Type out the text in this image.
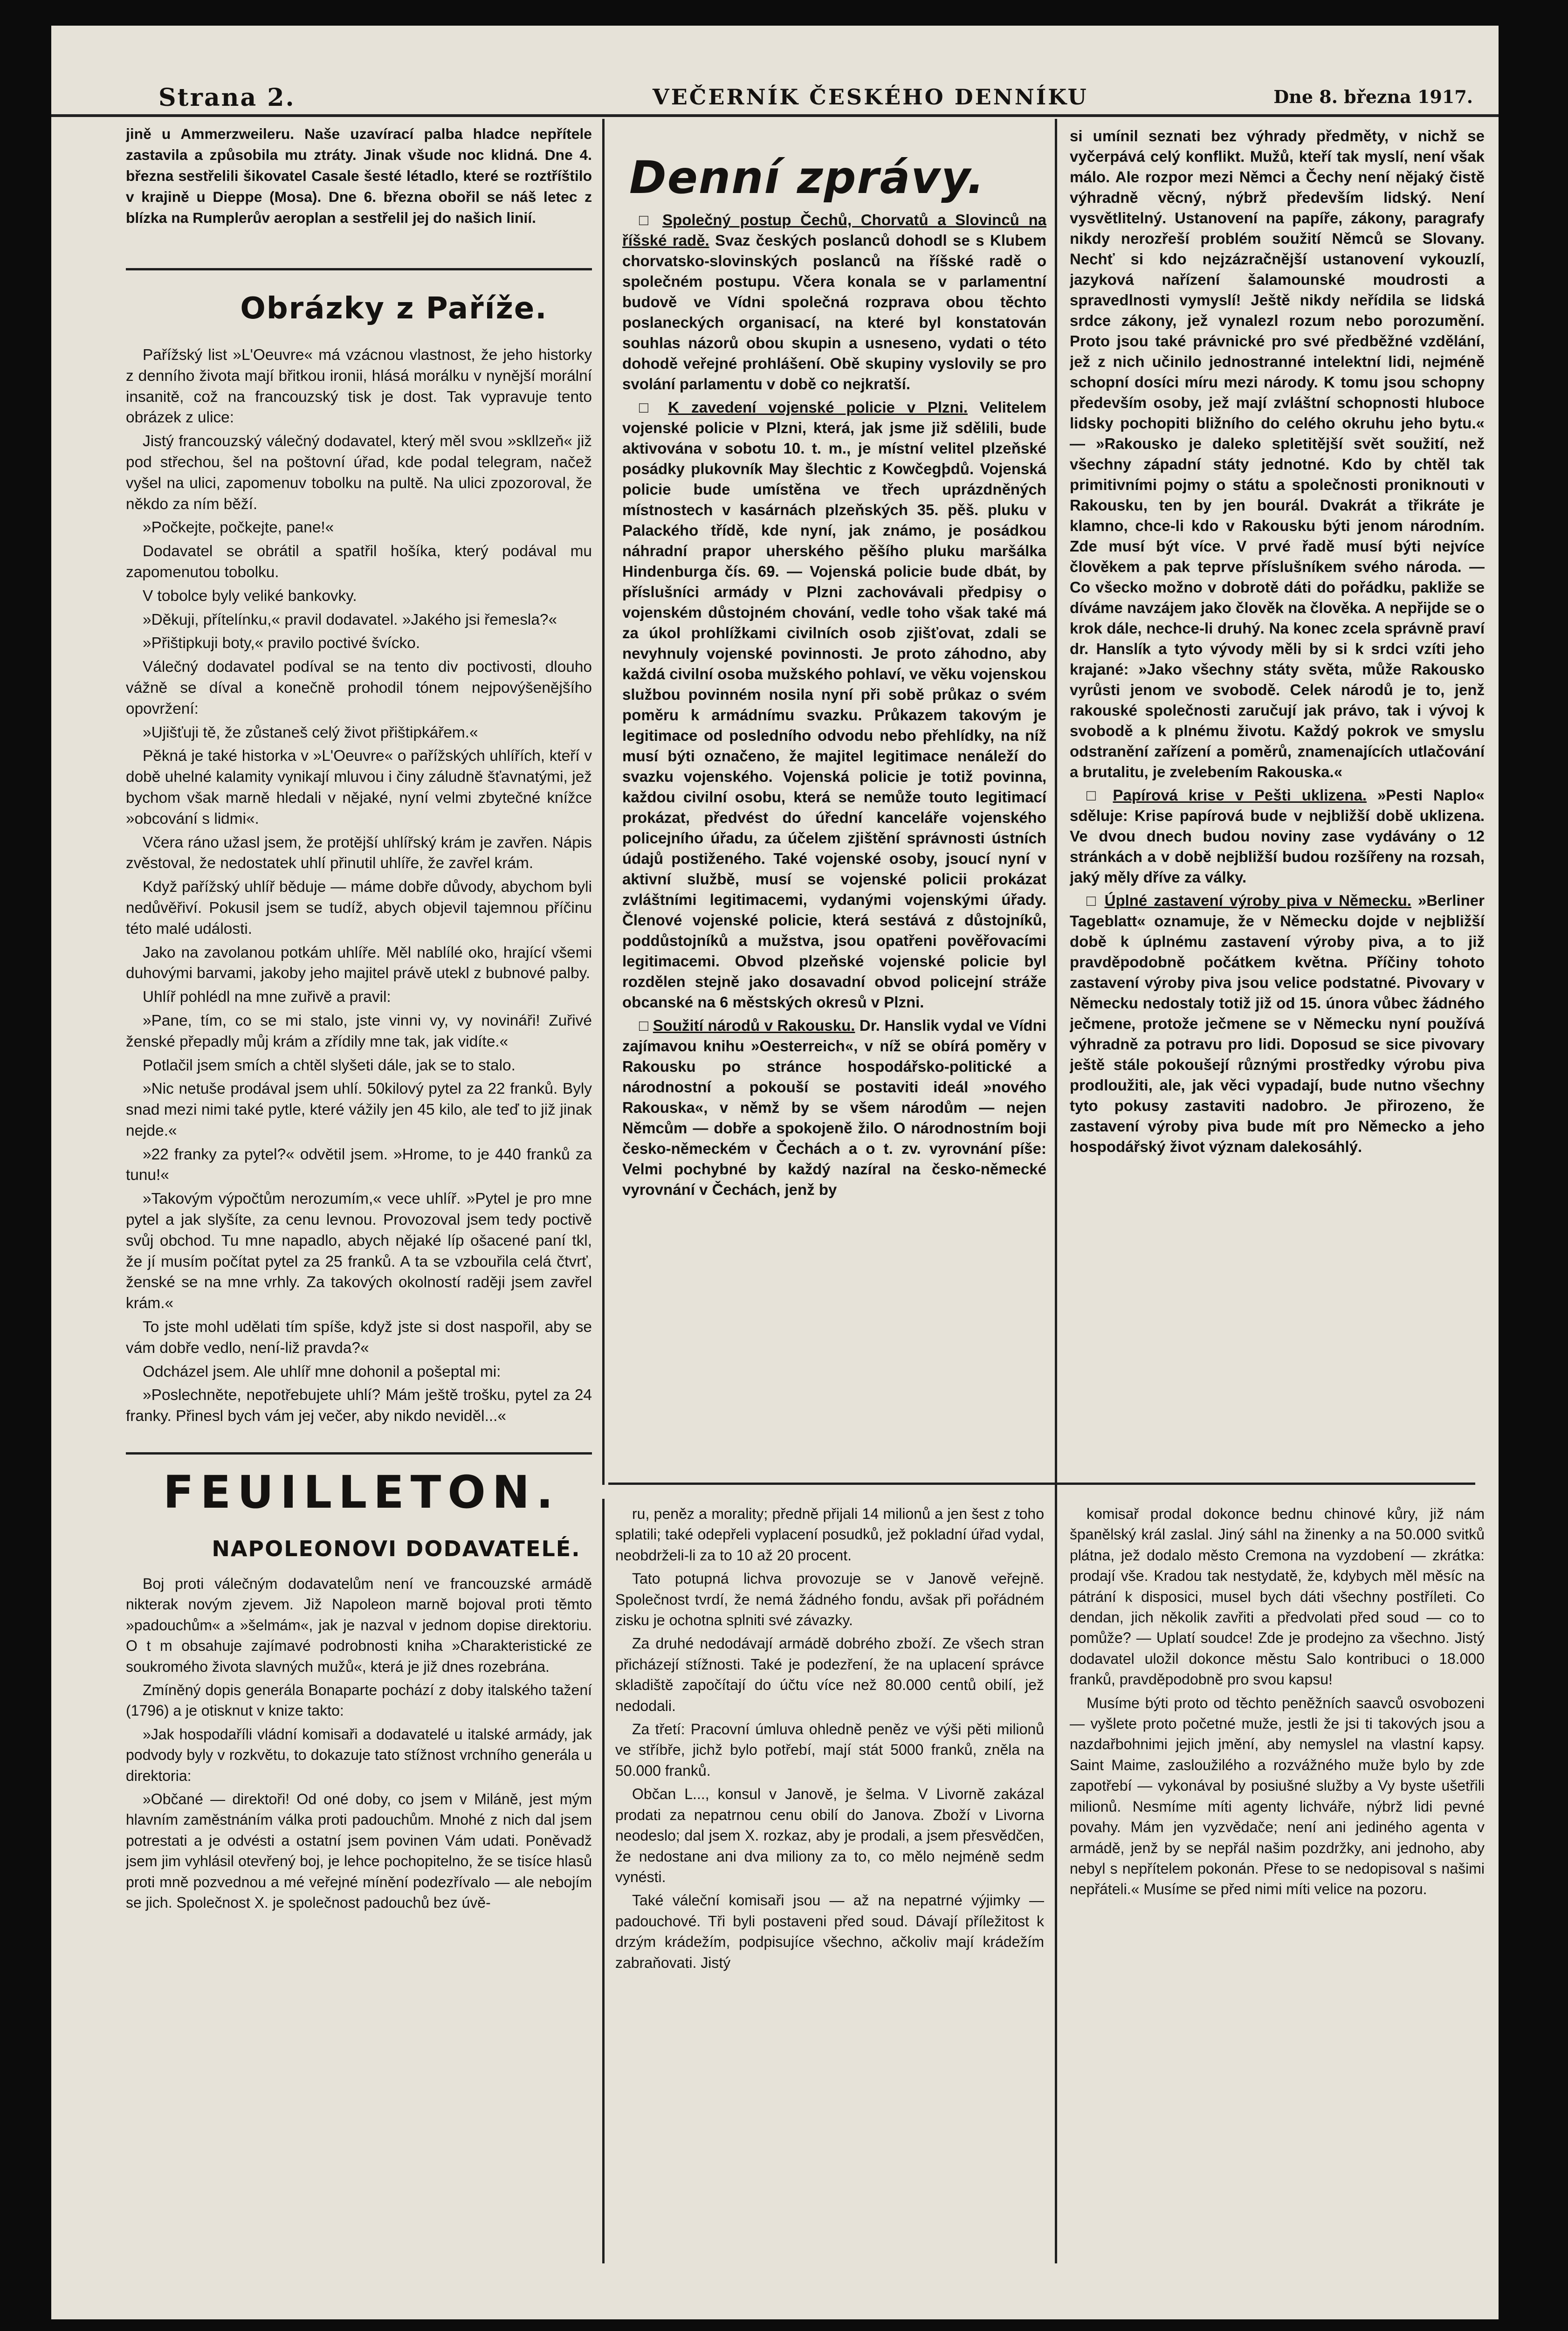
Strana 2.	VEČERNÍK ČESKÉHO DENNÍKU	Dne 8. března 1917.

jině u Ammerzweileru. Naše uzavírací palba hladce nepřítele zastavila a způsobila mu ztráty. Jinak všude noc klidná. Dne 4. března sestřelili šikovatel Casale šesté létadlo, které se roztříštilo v krajině u Dieppe (Mosa). Dne 6. března obořil se náš letec z blízka na Rumplerův aeroplan a sestřelil jej do našich linií.

Obrázky z Paříže.

Pařížský list »L'Oeuvre« má vzácnou vlastnost, že jeho historky z denního života mají břitkou ironii, hlásá morálku v nynější morální insanitě, což na francouzský tisk je dost. Tak vypravuje tento obrázek z ulice:

Jistý francouzský válečný dodavatel, který měl svou »skllzeň« již pod střechou, šel na poštovní úřad, kde podal telegram, načež vyšel na ulici, zapomenuv tobolku na pultě. Na ulici zpozoroval, že někdo za ním běží.

»Počkejte, počkejte, pane!«

Dodavatel se obrátil a spatřil hošíka, který podával mu zapomenutou tobolku.

V tobolce byly veliké bankovky.

»Děkuji, přítelínku,« pravil dodavatel. »Jakého jsi řemesla?«

»Přištipkuji boty,« pravilo poctivé švícko.

Válečný dodavatel podíval se na tento div poctivosti, dlouho vážně se díval a konečně prohodil tónem nejpovýšenějšího opovržení:

»Ujišťuji tě, že zůstaneš celý život přištipkářem.«

Pěkná je také historka v »L'Oeuvre« o pařížských uhlířích, kteří v době uhelné kalamity vynikají mluvou i činy záludně šťavnatými, jež bychom však marně hledali v nějaké, nyní velmi zbytečné knížce »obcování s lidmi«.

Včera ráno užasl jsem, že protější uhlířský krám je zavřen. Nápis zvěstoval, že nedostatek uhlí přinutil uhlíře, že zavřel krám.

Když pařížský uhlíř běduje — máme dobře důvody, abychom byli nedůvěřiví. Pokusil jsem se tudíž, abych objevil tajemnou příčinu této malé události.

Jako na zavolanou potkám uhlíře. Měl nablílé oko, hrající všemi duhovými barvami, jakoby jeho majitel právě utekl z bubnové palby.

Uhlíř pohlédl na mne zuřivě a pravil:

»Pane, tím, co se mi stalo, jste vinni vy, vy novináři! Zuřivé ženské přepadly můj krám a zřídily mne tak, jak vidíte.«

Potlačil jsem smích a chtěl slyšeti dále, jak se to stalo.

»Nic netuše prodával jsem uhlí. 50kilový pytel za 22 franků. Byly snad mezi nimi také pytle, které vážily jen 45 kilo, ale teď to již jinak nejde.«

»22 franky za pytel?« odvětil jsem. »Hrome, to je 440 franků za tunu!«

»Takovým výpočtům nerozumím,« vece uhlíř. »Pytel je pro mne pytel a jak slyšíte, za cenu levnou. Provozoval jsem tedy poctivě svůj obchod. Tu mne napadlo, abych nějaké líp ošacené paní tkl, že jí musím počítat pytel za 25 franků. A ta se vzbouřila celá čtvrť, ženské se na mne vrhly. Za takových okolností raději jsem zavřel krám.«

To jste mohl udělati tím spíše, když jste si dost naspořil, aby se vám dobře vedlo, není-liž pravda?«

Odcházel jsem. Ale uhlíř mne dohonil a pošeptal mi:

»Poslechněte, nepotřebujete uhlí? Mám ještě trošku, pytel za 24 franky. Přinesl bych vám jej večer, aby nikdo neviděl...«

Denní zprávy.

□ Společný postup Čechů, Chorvatů a Slovinců na říšské radě. Svaz českých poslanců dohodl se s Klubem chorvatsko-slovinských poslanců na říšské radě o společném postupu. Včera konala se v parlamentní budově ve Vídni společná rozprava obou těchto poslaneckých organisací, na které byl konstatován souhlas názorů obou skupin a usneseno, vydati o této dohodě veřejné prohlášení. Obě skupiny vyslovily se pro svolání parlamentu v době co nejkratší.

□ K zavedení vojenské policie v Plzni. Velitelem vojenské policie v Plzni, která, jak jsme již sdělili, bude aktivována v sobotu 10. t. m., je místní velitel plzeňské posádky plukovník May šlechtic z Kowčegþdů. Vojenská policie bude umístěna ve třech uprázdněných místnostech v kasárnách plzeňských 35. pěš. pluku v Palackého třídě, kde nyní, jak známo, je posádkou náhradní prapor uherského pěšího pluku maršálka Hindenburga čís. 69. — Vojenská policie bude dbát, by příslušníci armády v Plzni zachovávali předpisy o vojenském důstojném chování, vedle toho však také má za úkol prohlížkami civilních osob zjišťovat, zdali se nevyhnuly vojenské povinnosti. Je proto záhodno, aby každá civilní osoba mužského pohlaví, ve věku vojenskou službou povinném nosila nyní při sobě průkaz o svém poměru k armádnímu svazku. Průkazem takovým je legitimace od posledního odvodu nebo přehlídky, na níž musí býti označeno, že majitel legitimace nenáleží do svazku vojenského. Vojenská policie je totiž povinna, každou civilní osobu, která se nemůže touto legitimací prokázat, předvést do úřední kanceláře vojenského policejního úřadu, za účelem zjištění správnosti ústních údajů postiženého. Také vojenské osoby, jsoucí nyní v aktivní službě, musí se vojenské policii prokázat zvláštními legitimacemi, vydanými vojenskými úřady. Členové vojenské policie, která sestává z důstojníků, poddůstojníků a mužstva, jsou opatřeni pověřovacími legitimacemi. Obvod plzeňské vojenské policie byl rozdělen stejně jako dosavadní obvod policejní stráže obcanské na 6 městských okresů v Plzni.

□ Soužití národů v Rakousku. Dr. Hanslik vydal ve Vídni zajímavou knihu »Oesterreich«, v níž se obírá poměry v Rakousku po stránce hospodářsko-politické a národnostní a pokouší se postaviti ideál »nového Rakouska«, v němž by se všem národům — nejen Němcům — dobře a spokojeně žilo. O národnostním boji česko-německém v Čechách a o t. zv. vyrovnání píše: Velmi pochybné by každý nazíral na česko-německé vyrovnání v Čechách, jenž by

si umínil seznati bez výhrady předměty, v nichž se vyčerpává celý konflikt. Mužů, kteří tak myslí, není však málo. Ale rozpor mezi Němci a Čechy není nějaký čistě výhradně věcný, nýbrž především lidský. Není vysvětlitelný. Ustanovení na papíře, zákony, paragrafy nikdy nerozřeší problém soužití Němců se Slovany. Nechť si kdo nejzázračnější ustanovení vykouzlí, jazyková nařízení šalamounské moudrosti a spravedlnosti vymyslí! Ještě nikdy neřídila se lidská srdce zákony, jež vynalezl rozum nebo porozumění. Proto jsou také právnické pro své předběžné vzdělání, jež z nich učinilo jednostranné intelektní lidi, nejméně schopní dosíci míru mezi národy. K tomu jsou schopny především osoby, jež mají zvláštní schopnosti hluboce lidsky pochopiti bližního do celého okruhu jeho bytu.« — »Rakousko je daleko spletitější svět soužití, než všechny západní státy jednotné. Kdo by chtěl tak primitivními pojmy o státu a společnosti proniknouti v Rakousku, ten by jen bourál. Dvakrát a třikráte je klamno, chce-li kdo v Rakousku býti jenom národním. Zde musí být více. V prvé řadě musí býti nejvíce člověkem a pak teprve příslušníkem svého národa. — Co všecko možno v dobrotě dáti do pořádku, pakliže se díváme navzájem jako člověk na člověka. A nepřijde se o krok dále, nechce-li druhý. Na konec zcela správně praví dr. Hanslík a tyto vývody měli by si k srdci vzíti jeho krajané: »Jako všechny státy světa, může Rakousko vyrůsti jenom ve svobodě. Celek národů je to, jenž rakouské společnosti zaručují jak právo, tak i vývoj k svobodě a k plnému životu. Každý pokrok ve smyslu odstranění zařízení a poměrů, znamenajících utlačování a brutalitu, je zvelebením Rakouska.«

□ Papírová krise v Pešti uklizena. »Pesti Naplo« sděluje: Krise papírová bude v nejbližší době uklizena. Ve dvou dnech budou noviny zase vydávány o 12 stránkách a v době nejbližší budou rozšířeny na rozsah, jaký měly dříve za války.

□ Úplné zastavení výroby piva v Německu. »Berliner Tageblatt« oznamuje, že v Německu dojde v nejbližší době k úplnému zastavení výroby piva, a to již pravděpodobně počátkem května. Příčiny tohoto zastavení výroby piva jsou velice podstatné. Pivovary v Německu nedostaly totiž již od 15. února vůbec žádného ječmene, protože ječmene se v Německu nyní používá výhradně za potravu pro lidi. Doposud se sice pivovary ještě stále pokoušejí různými prostředky výrobu piva prodloužiti, ale, jak věci vypadají, bude nutno všechny tyto pokusy zastaviti nadobro. Je přirozeno, že zastavení výroby piva bude mít pro Německo a jeho hospodářský život význam dalekosáhlý.

FEUILLETON.
NAPOLEONOVI DODAVATELÉ.

Boj proti válečným dodavatelům není ve francouzské armádě nikterak novým zjevem. Již Napoleon marně bojoval proti těmto »padouchům« a »šelmám«, jak je nazval v jednom dopise direktoriu. O t m obsahuje zajímavé podrobnosti kniha »Charakteristické ze soukromého života slavných mužů«, která je již dnes rozebrána.

Zmíněný dopis generála Bonaparte pochází z doby italského tažení (1796) a je otisknut v knize takto:

»Jak hospodaříli vládní komisaři a dodavatelé u italské armády, jak podvody byly v rozkvětu, to dokazuje tato stížnost vrchního generála u direktoria:

»Občané — direktoři! Od oné doby, co jsem v Miláně, jest mým hlavním zaměstnáním válka proti padouchům. Mnohé z nich dal jsem potrestati a je odvésti a ostatní jsem povinen Vám udati. Poněvadž jsem jim vyhlásil otevřený boj, je lehce pochopitelno, že se tisíce hlasů proti mně pozvednou a mé veřejné mínění podezřívalo — ale nebojím se jich. Společnost X. je společnost padouchů bez úvě-

ru, peněz a morality; předně přijali 14 milionů a jen šest z toho splatili; také odepřeli vyplacení posudků, jež pokladní úřad vydal, neobdrželi-li za to 10 až 20 procent.

Tato potupná lichva provozuje se v Janově veřejně. Společnost tvrdí, že nemá žádného fondu, avšak při pořádném zisku je ochotna splniti své závazky.

Za druhé nedodávají armádě dobrého zboží. Ze všech stran přicházejí stížnosti. Také je podezření, že na uplacení správce skladiště započítají do účtu více než 80.000 centů obilí, jež nedodali.

Za třetí: Pracovní úmluva ohledně peněz ve výši pěti milionů ve stříbře, jichž bylo potřebí, mají stát 5000 franků, zněla na 50.000 franků.

Občan L..., konsul v Janově, je šelma. V Livorně zakázal prodati za nepatrnou cenu obilí do Janova. Zboží v Livorna neodeslo; dal jsem X. rozkaz, aby je prodali, a jsem přesvědčen, že nedostane ani dva miliony za to, co mělo nejméně sedm vynésti.

Také váleční komisaři jsou — až na nepatrné výjimky — padouchové. Tři byli postaveni před soud. Dávají příležitost k drzým krádežím, podpisujíce všechno, ačkoliv mají krádežím zabraňovati. Jistý

komisař prodal dokonce bednu chinové kůry, již nám španělský král zaslal. Jiný sáhl na žinenky a na 50.000 svitků plátna, jež dodalo město Cremona na vyzdobení — zkrátka: prodají vše. Kradou tak nestydatě, že, kdybych měl měsíc na pátrání k disposici, musel bych dáti všechny postříleti. Co dendan, jich několik zavřiti a předvolati před soud — co to pomůže? — Uplatí soudce! Zde je prodejno za všechno. Jistý dodavatel uložil dokonce městu Salo kontribuci o 18.000 franků, pravděpodobně pro svou kapsu!

Musíme býti proto od těchto peněžních saavců osvobozeni — vyšlete proto početné muže, jestli že jsi ti takových jsou a nazdařbohnimi jejich jmění, aby nemyslel na vlastní kapsy. Saint Maime, zasloužilého a rozvážného muže bylo by zde zapotřebí — vykonával by posiušné služby a Vy byste ušetřili milionů. Nesmíme míti agenty lichváře, nýbrž lidi pevné povahy. Mám jen vyzvědače; není ani jediného agenta v armádě, jenž by se nepřál našim pozdržky, ani jednoho, aby nebyl s nepřítelem pokonán. Přese to se nedopisoval s našimi nepřáteli.« Musíme se před nimi míti velice na pozoru.
